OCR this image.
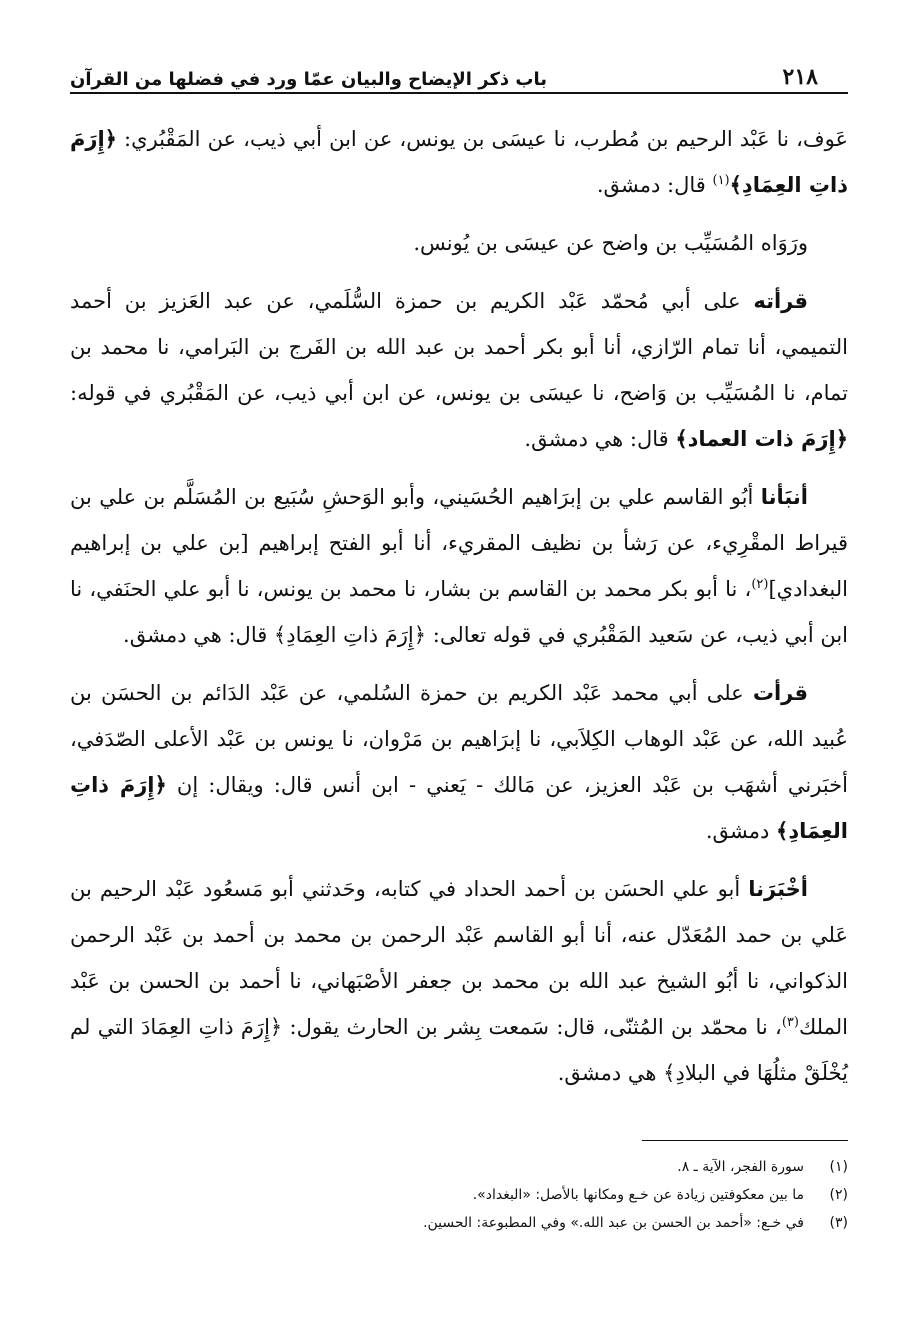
٢١٨
باب ذكر الإيضاح والبيان عمّا ورد في فضلها من القرآن

عَوف، نا عَبْد الرحيم بن مُطرب، نا عيسَى بن يونس، عن ابن أبي ذيب، عن المَقْبُري: ﴿إِرَمَ ذاتِ العِمَادِ﴾$^{(١)}$ قال: دمشق.

ورَوَاه المُسَيِّب بن واضح عن عيسَى بن يُونس.

قرأته على أبي مُحمّد عَبْد الكريم بن حمزة السُّلَمي، عن عبد العَزيز بن أحمد التميمي، أنا تمام الرّازي، أنا أبو بكر أحمد بن عبد الله بن الفَرج بن البَرامي، نا محمد بن تمام، نا المُسَيِّب بن وَاضح، نا عيسَى بن يونس، عن ابن أبي ذيب، عن المَقْبُري في قوله: ﴿إِرَمَ ذات العماد﴾ قال: هي دمشق.

أنبَأنا أبُو القاسم علي بن إبرَاهيم الحُسَيني، وأبو الوَحشِ سُبَيع بن المُسَلَّم بن علي بن قيراط المقْرِيء، عن رَشأ بن نظيف المقريء، أنا أبو الفتح إبراهيم [بن علي بن إبراهيم البغدادي]$^{(٢)}$، نا أبو بكر محمد بن القاسم بن بشار، نا محمد بن يونس، نا أبو علي الحنَفي، نا ابن أبي ذيب، عن سَعيد المَقْبُري في قوله تعالى: ﴿إِرَمَ ذاتِ العِمَادِ﴾ قال: هي دمشق.

قرأت على أبي محمد عَبْد الكريم بن حمزة السُلمي، عن عَبْد الدَائم بن الحسَن بن عُبيد الله، عن عَبْد الوهاب الكِلاَبي، نا إبرَاهيم بن مَرْوان، نا يونس بن عَبْد الأعلى الصّدَفي، أخبَرني أشهَب بن عَبْد العزيز، عن مَالك - يَعني - ابن أنس قال: ويقال: إن ﴿إِرَمَ ذاتِ العِمَادِ﴾ دمشق.

أخْبَرَنا أبو علي الحسَن بن أحمد الحداد في كتابه، وحَدثني أبو مَسعُود عَبْد الرحيم بن عَلي بن حمد المُعَدّل عنه، أنا أبو القاسم عَبْد الرحمن بن محمد بن أحمد بن عَبْد الرحمن الذكواني، نا أبُو الشيخ عبد الله بن محمد بن جعفر الأصْبَهاني، نا أحمد بن الحسن بن عَبْد الملك$^{(٣)}$، نا محمّد بن المُثنّى، قال: سَمعت بِشر بن الحارث يقول: ﴿إِرَمَ ذاتِ العِمَادَ التي لم يُخْلَقْ مثلُهَا في البلادِ﴾ هي دمشق.

(١)
سورة الفجر، الآية ـ ٨.
(٢)
ما بين معكوفتين زيادة عن خـع ومكانها بالأصل: «البغداد».
(٣)
في خـع: «أحمد بن الحسن بن عبد الله.» وفي المطبوعة: الحسين.
